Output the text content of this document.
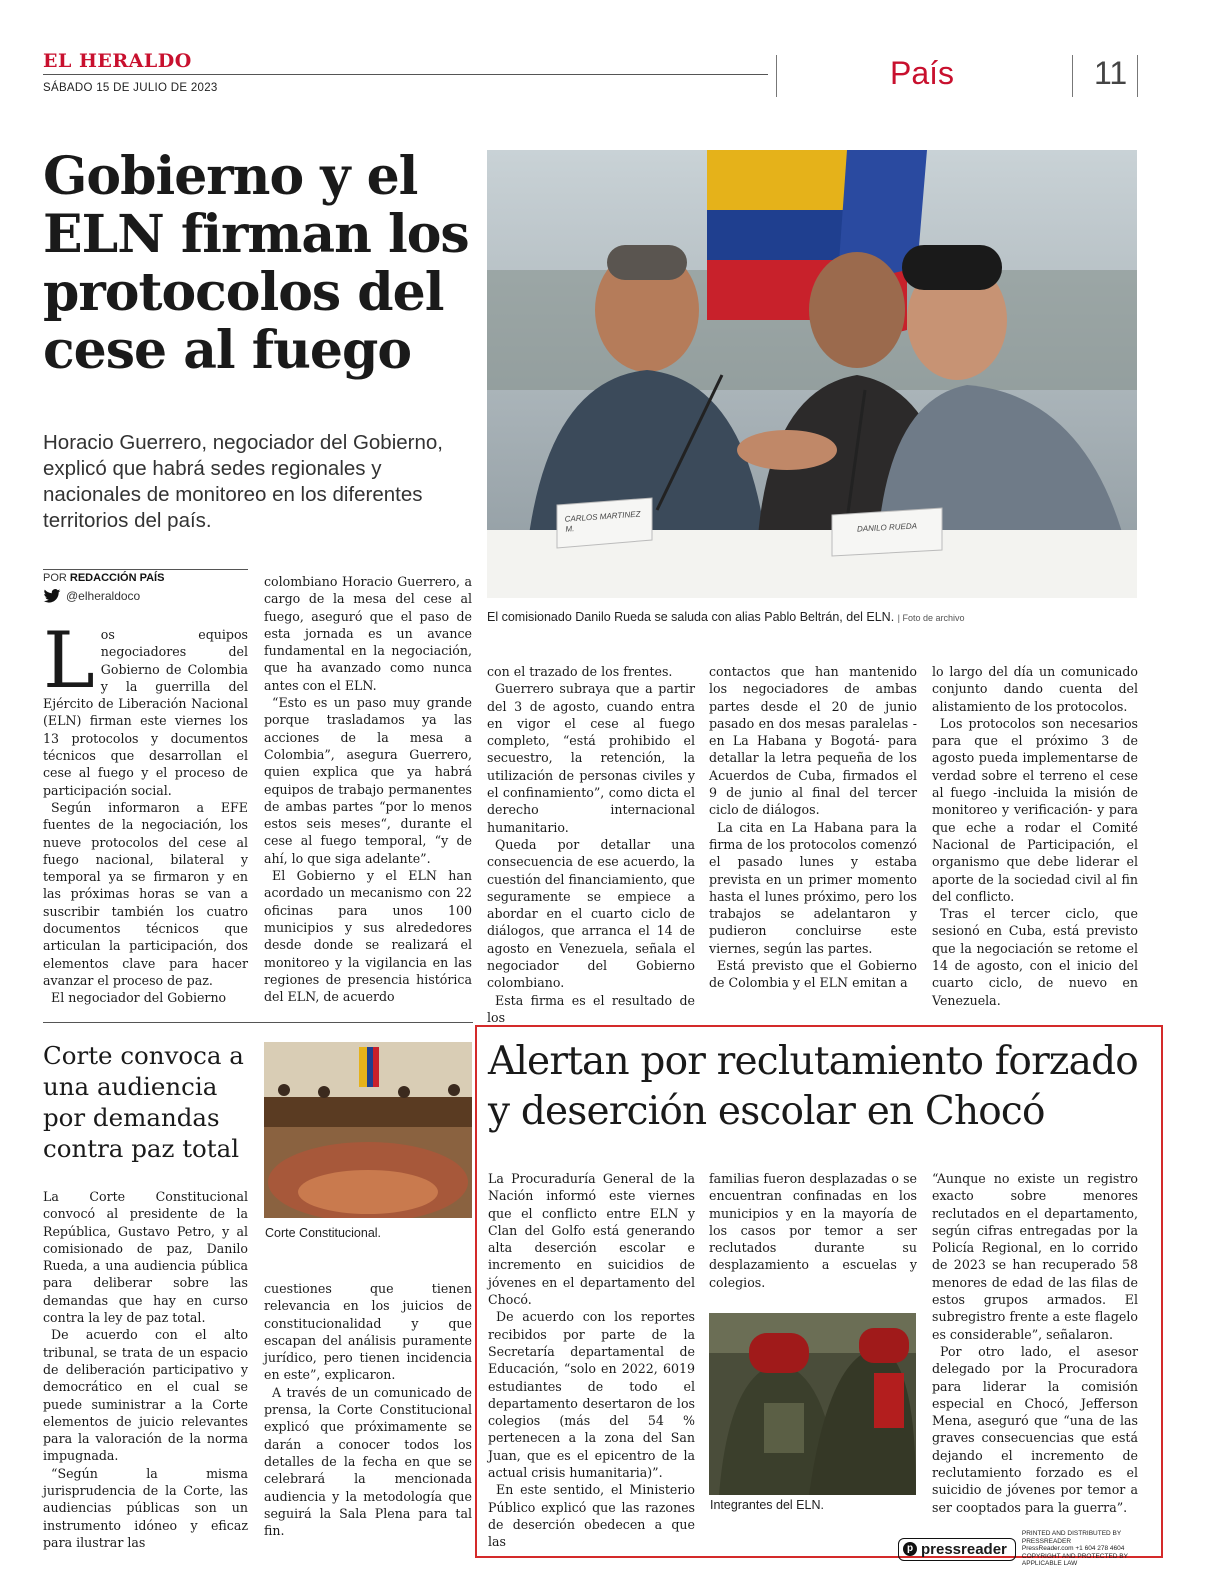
EL HERALDO
SÁBADO 15 DE JULIO DE 2023	País	11
Gobierno y el ELN firman los protocolos del cese al fuego
Horacio Guerrero, negociador del Gobierno, explicó que habrá sedes regionales y nacionales de monitoreo en los diferentes territorios del país.
POR REDACCIÓN PAÍS
@elheraldoco
CARLOS MARTINEZ M.	DANILO RUEDA
El comisionado Danilo Rueda se saluda con alias Pablo Beltrán, del ELN. | Foto de archivo
L os equipos negociadores del Gobierno de Colombia y la guerrilla del Ejército de Liberación Nacional (ELN) firman este viernes los 13 protocolos y documentos técnicos que desarrollan el cese al fuego y el proceso de participación social.

Según informaron a EFE fuentes de la negociación, los nueve protocolos del cese al fuego nacional, bilateral y temporal ya se firmaron y en las próximas horas se van a suscribir también los cuatro documentos técnicos que articulan la participación, dos elementos clave para hacer avanzar el proceso de paz.

El negociador del Gobierno

colombiano Horacio Guerrero, a cargo de la mesa del cese al fuego, aseguró que el paso de esta jornada es un avance fundamental en la negociación, que ha avanzado como nunca antes con el ELN.

“Esto es un paso muy grande porque trasladamos ya las acciones de la mesa a Colombia”, asegura Guerrero, quien explica que ya habrá equipos de trabajo permanentes de ambas partes “por lo menos estos seis meses“, durante el cese al fuego temporal, “y de ahí, lo que siga adelante”.

El Gobierno y el ELN han acordado un mecanismo con 22 oficinas para unos 100 municipios y sus alrededores desde donde se realizará el monitoreo y la vigilancia en las regiones de presencia histórica del ELN, de acuerdo

con el trazado de los frentes.

Guerrero subraya que a partir del 3 de agosto, cuando entra en vigor el cese al fuego completo, “está prohibido el secuestro, la retención, la utilización de personas civiles y el confinamiento”, como dicta el derecho internacional humanitario.

Queda por detallar una consecuencia de ese acuerdo, la cuestión del financiamiento, que seguramente se empiece a abordar en el cuarto ciclo de diálogos, que arranca el 14 de agosto en Venezuela, señala el negociador del Gobierno colombiano.

Esta firma es el resultado de los

contactos que han mantenido los negociadores de ambas partes desde el 20 de junio pasado en dos mesas paralelas -en La Habana y Bogotá- para detallar la letra pequeña de los Acuerdos de Cuba, firmados el 9 de junio al final del tercer ciclo de diálogos.

La cita en La Habana para la firma de los protocolos comenzó el pasado lunes y estaba prevista en un primer momento hasta el lunes próximo, pero los trabajos se adelantaron y pudieron concluirse este viernes, según las partes.

Está previsto que el Gobierno de Colombia y el ELN emitan a

lo largo del día un comunicado conjunto dando cuenta del alistamiento de los protocolos.

Los protocolos son necesarios para que el próximo 3 de agosto pueda implementarse de verdad sobre el terreno el cese al fuego -incluida la misión de monitoreo y verificación- y para que eche a rodar el Comité Nacional de Participación, el organismo que debe liderar el aporte de la sociedad civil al fin del conflicto.

Tras el tercer ciclo, que sesionó en Cuba, está previsto que la negociación se retome el 14 de agosto, con el inicio del cuarto ciclo, de nuevo en Venezuela.

Corte convoca a una audiencia por demandas contra paz total
Corte Constitucional.

La Corte Constitucional convocó al presidente de la República, Gustavo Petro, y al comisionado de paz, Danilo Rueda, a una audiencia pública para deliberar sobre las demandas que hay en curso contra la ley de paz total.

De acuerdo con el alto tribunal, se trata de un espacio de deliberación participativo y democrático en el cual se puede suministrar a la Corte elementos de juicio relevantes para la valoración de la norma impugnada.

“Según la misma jurisprudencia de la Corte, las audiencias públicas son un instrumento idóneo y eficaz para ilustrar las

cuestiones que tienen relevancia en los juicios de constitucionalidad y que escapan del análisis puramente jurídico, pero tienen incidencia en este”, explicaron.

A través de un comunicado de prensa, la Corte Constitucional explicó que próximamente se darán a conocer todos los detalles de la fecha en que se celebrará la mencionada audiencia y la metodología que seguirá la Sala Plena para tal fin.

Alertan por reclutamiento forzado y deserción escolar en Chocó

La Procuraduría General de la Nación informó este viernes que el conflicto entre ELN y Clan del Golfo está generando alta deserción escolar e incremento en suicidios de jóvenes en el departamento del Chocó.

De acuerdo con los reportes recibidos por parte de la Secretaría departamental de Educación, “solo en 2022, 6019 estudiantes de todo el departamento desertaron de los colegios (más del 54 % pertenecen a la zona del San Juan, que es el epicentro de la actual crisis humanitaria)”.

En este sentido, el Ministerio Público explicó que las razones de deserción obedecen a que las

familias fueron desplazadas o se encuentran confinadas en los municipios y en la mayoría de los casos por temor a ser reclutados durante su desplazamiento a escuelas y colegios.

Integrantes del ELN.

“Aunque no existe un registro exacto sobre menores reclutados en el departamento, según cifras entregadas por la Policía Regional, en lo corrido de 2023 se han recuperado 58 menores de edad de las filas de estos grupos armados. El subregistro frente a este flagelo es considerable”, señalaron.

Por otro lado, el asesor delegado por la Procuradora para liderar la comisión especial en Chocó, Jefferson Mena, aseguró que “una de las graves consecuencias que está dejando el incremento de reclutamiento forzado es el suicidio de jóvenes por temor a ser cooptados para la guerra”.

p pressreader
PRINTED AND DISTRIBUTED BY PRESSREADER
PressReader.com +1 604 278 4604
COPYRIGHT AND PROTECTED BY APPLICABLE LAW
